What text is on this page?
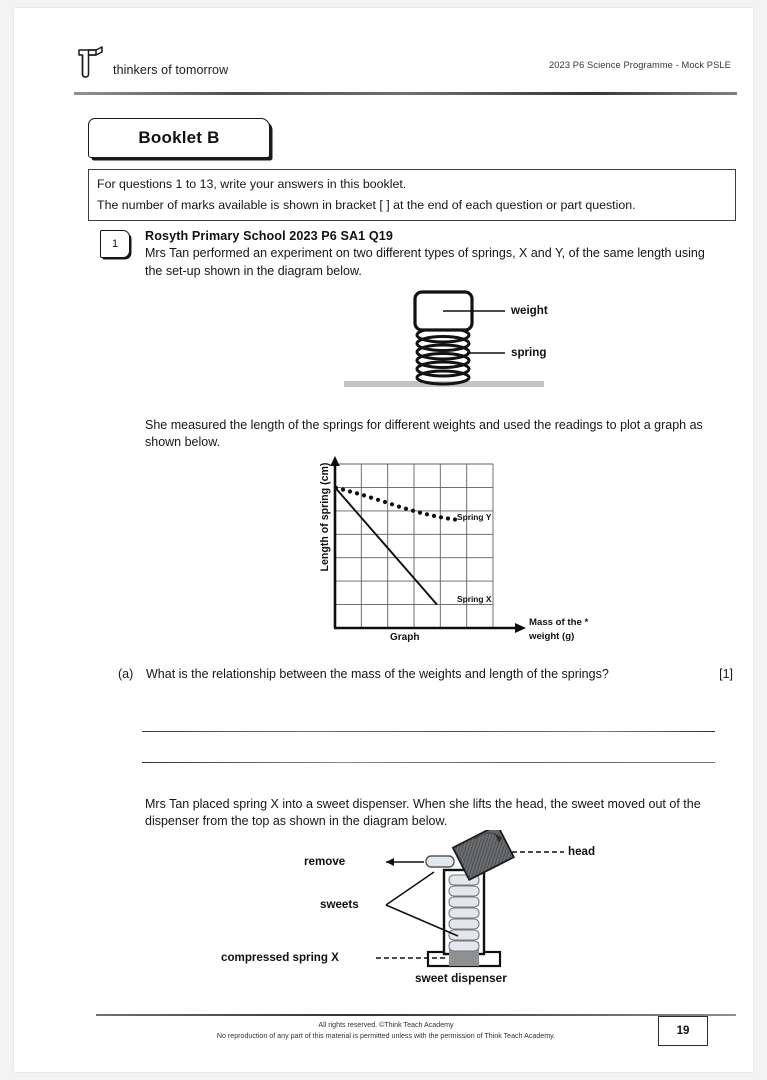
thinkers of tomorrow	2023 P6 Science Programme - Mock PSLE
Booklet B

For questions 1 to 13, write your answers in this booklet.

The number of marks available is shown in bracket [ ] at the end of each question or part question.

1

Rosyth Primary School 2023 P6 SA1 Q19

Mrs Tan performed an experiment on two different types of springs, X and Y, of the same length using the set-up shown in the diagram below.

weight
spring

She measured the length of the springs for different weights and used the readings to plot a graph as shown below.

Length of spring (cm)	Spring Y
Spring X
Graph
Mass of the *
weight (g)
(a)	What is the relationship between the mass of the weights and length of the springs?	[1]

Mrs Tan placed spring X into a sweet dispenser. When she lifts the head, the sweet moved out of the dispenser from the top as shown in the diagram below.

head
remove
sweets
compressed spring X
sweet dispenser
All rights reserved. ©Think Teach Academy
No reproduction of any part of this material is permitted unless with the permission of Think Teach Academy.	19
